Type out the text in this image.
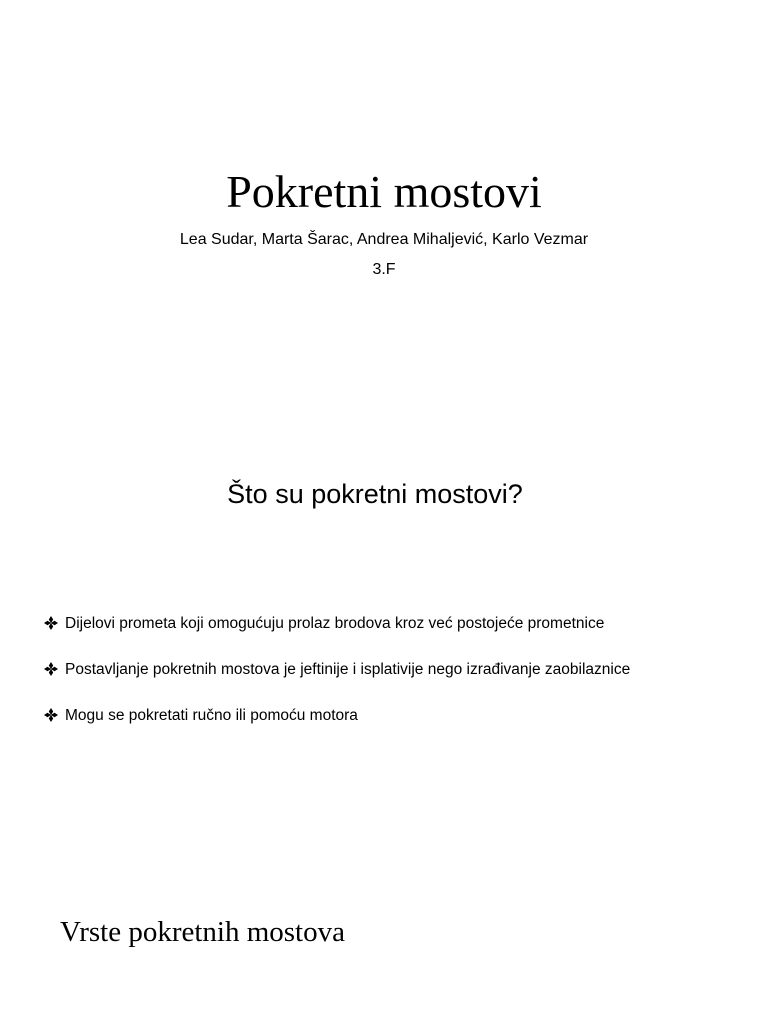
Pokretni mostovi
Lea Sudar, Marta Šarac, Andrea Mihaljević, Karlo Vezmar
3.F
Što su pokretni mostovi?
Dijelovi prometa koji omogućuju prolaz brodova kroz već postojeće prometnice
Postavljanje pokretnih mostova je jeftinije i isplativije nego izrađivanje zaobilaznice
Mogu se pokretati ručno ili pomoću motora
Vrste pokretnih mostova
